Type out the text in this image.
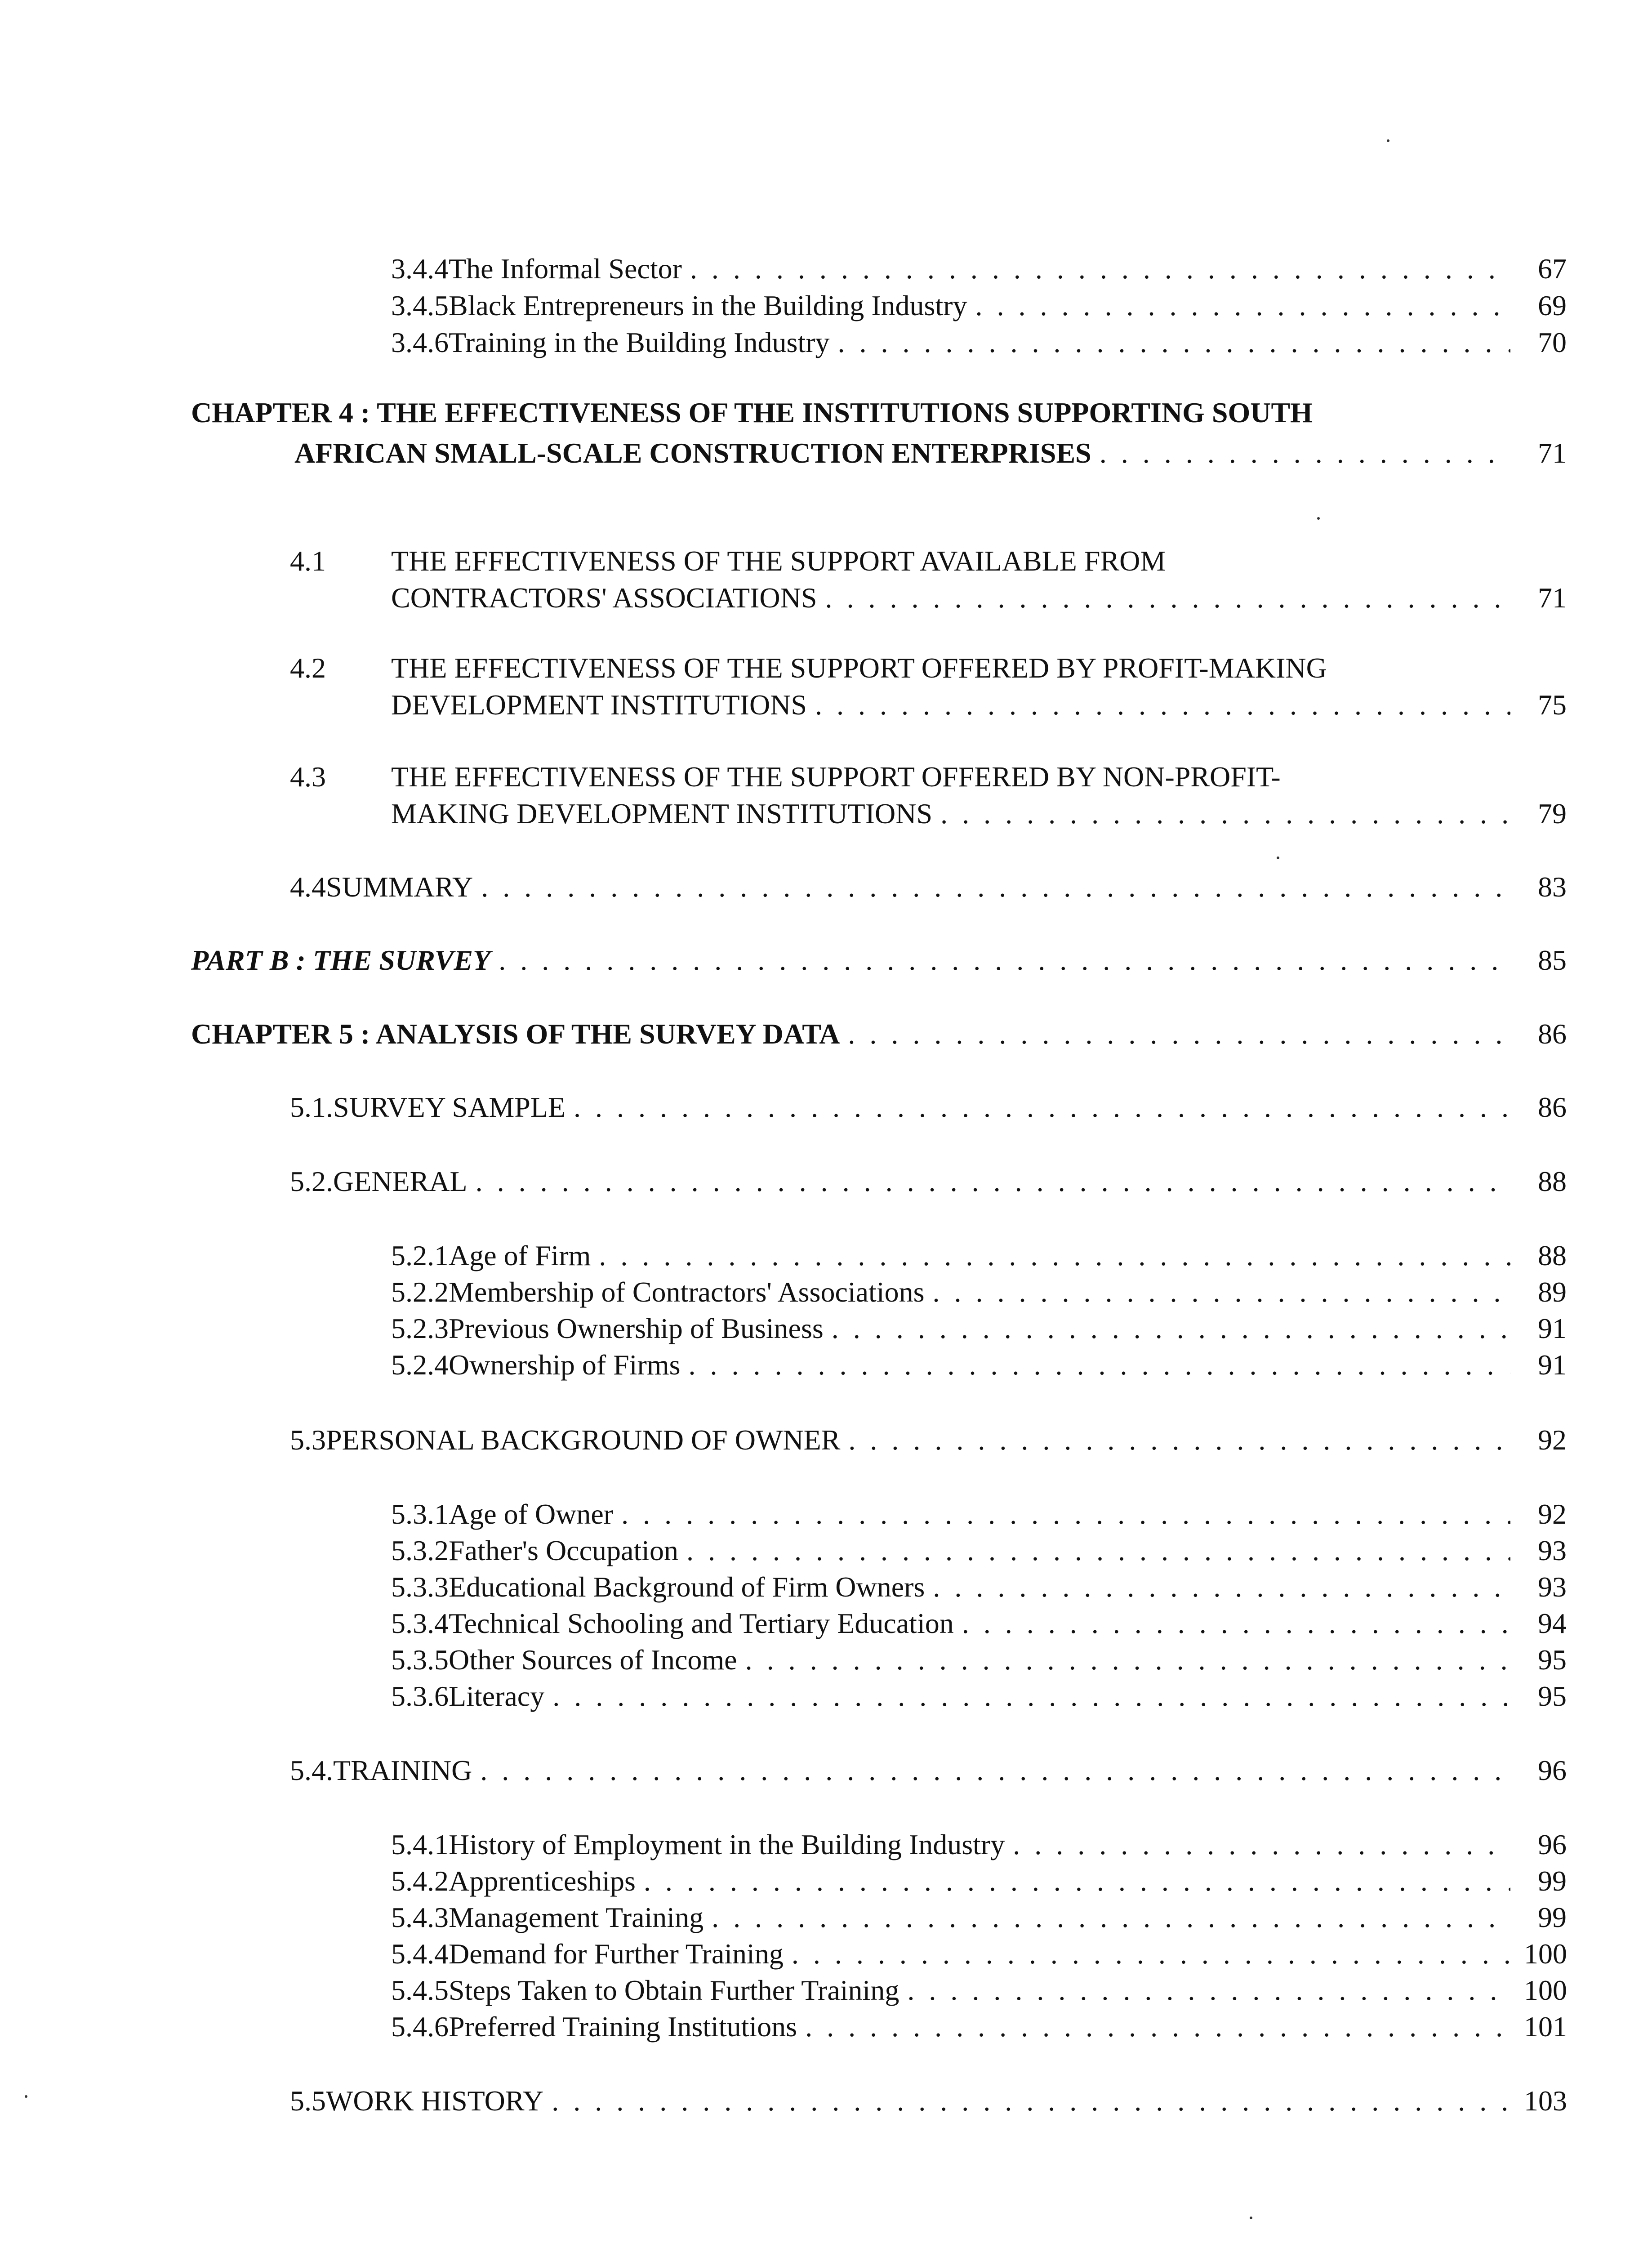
3.4.4 The Informal Sector . . .	67
3.4.5 Black Entrepreneurs in the Building Industry . . .	69
3.4.6 Training in the Building Industry . . .	70
CHAPTER 4 : THE EFFECTIVENESS OF THE INSTITUTIONS SUPPORTING SOUTH
AFRICAN SMALL-SCALE CONSTRUCTION ENTERPRISES . . .	71
4.1 THE EFFECTIVENESS OF THE SUPPORT AVAILABLE FROM
CONTRACTORS' ASSOCIATIONS . . .	71
4.2 THE EFFECTIVENESS OF THE SUPPORT OFFERED BY PROFIT-MAKING
DEVELOPMENT INSTITUTIONS . . .	75
4.3 THE EFFECTIVENESS OF THE SUPPORT OFFERED BY NON-PROFIT-
MAKING DEVELOPMENT INSTITUTIONS . . .	79
4.4 SUMMARY . . .	83
PART B : THE SURVEY . . .	85
CHAPTER 5 : ANALYSIS OF THE SURVEY DATA . . .	86
5.1. SURVEY SAMPLE . . .	86
5.2. GENERAL . . .	88
5.2.1 Age of Firm . . .	88
5.2.2 Membership of Contractors' Associations . . .	89
5.2.3 Previous Ownership of Business . . .	91
5.2.4 Ownership of Firms . . .	91
5.3 PERSONAL BACKGROUND OF OWNER . . .	92
5.3.1 Age of Owner . . .	92
5.3.2 Father's Occupation . . .	93
5.3.3 Educational Background of Firm Owners . . .	93
5.3.4 Technical Schooling and Tertiary Education . . .	94
5.3.5 Other Sources of Income . . .	95
5.3.6 Literacy . . .	95
5.4. TRAINING . . .	96
5.4.1 History of Employment in the Building Industry . . .	96
5.4.2 Apprenticeships . . .	99
5.4.3 Management Training . . .	99
5.4.4 Demand for Further Training . . .	100
5.4.5 Steps Taken to Obtain Further Training . . .	100
5.4.6 Preferred Training Institutions . . .	101
5.5 WORK HISTORY . . .	103
